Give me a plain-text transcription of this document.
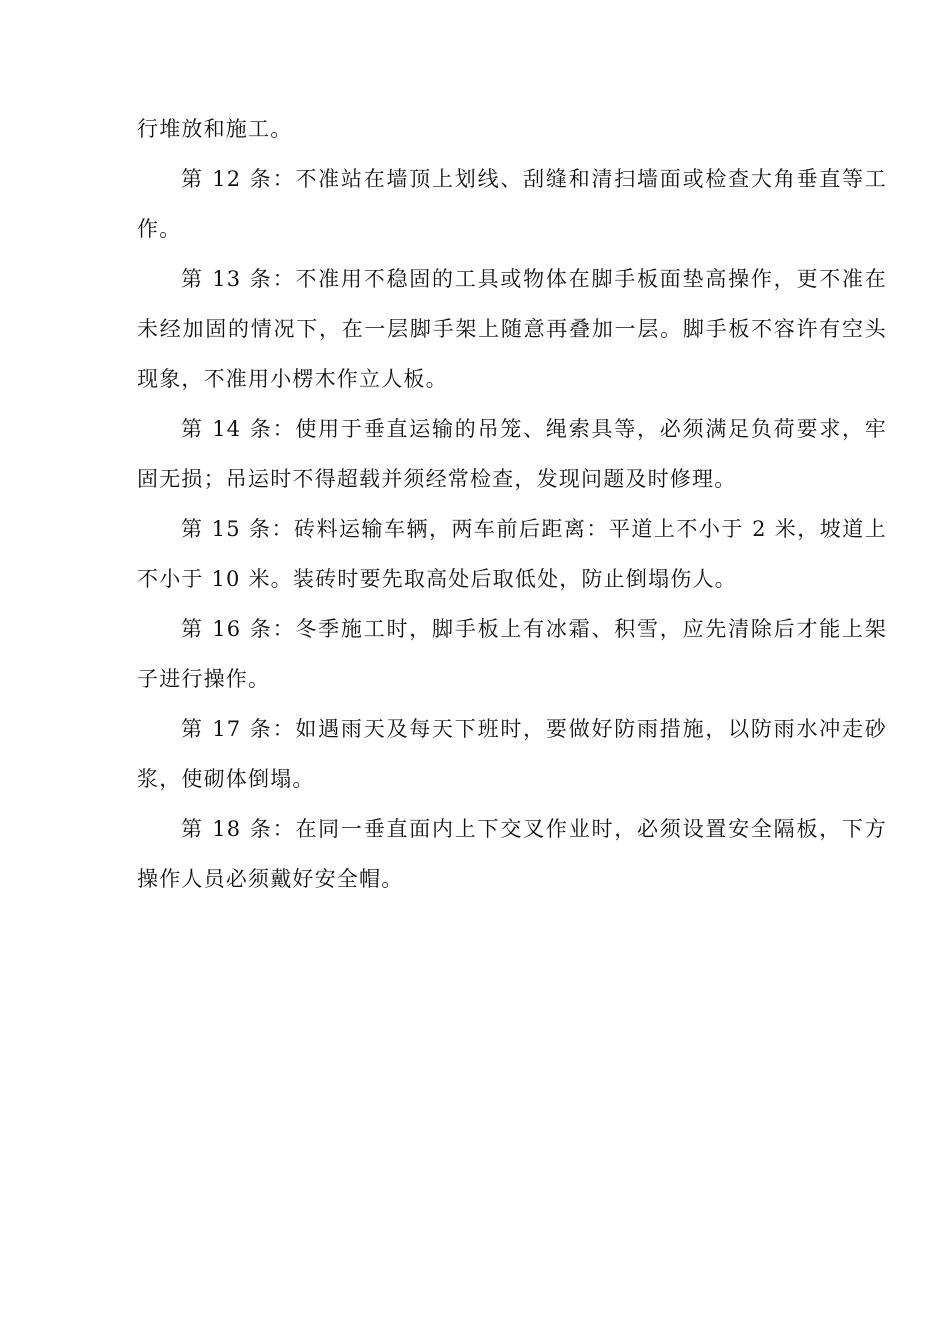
行堆放和施工。

第 12 条：不准站在墙顶上划线、刮缝和清扫墙面或检查大角垂直等工作。

第 13 条：不准用不稳固的工具或物体在脚手板面垫高操作，更不准在未经加固的情况下，在一层脚手架上随意再叠加一层。脚手板不容许有空头现象，不准用小楞木作立人板。

第 14 条：使用于垂直运输的吊笼、绳索具等，必须满足负荷要求，牢固无损；吊运时不得超载并须经常检查，发现问题及时修理。

第 15 条：砖料运输车辆，两车前后距离：平道上不小于 2 米，坡道上不小于 10 米。装砖时要先取高处后取低处，防止倒塌伤人。

第 16 条：冬季施工时，脚手板上有冰霜、积雪，应先清除后才能上架子进行操作。

第 17 条：如遇雨天及每天下班时，要做好防雨措施，以防雨水冲走砂浆，使砌体倒塌。

第 18 条：在同一垂直面内上下交叉作业时，必须设置安全隔板，下方操作人员必须戴好安全帽。
